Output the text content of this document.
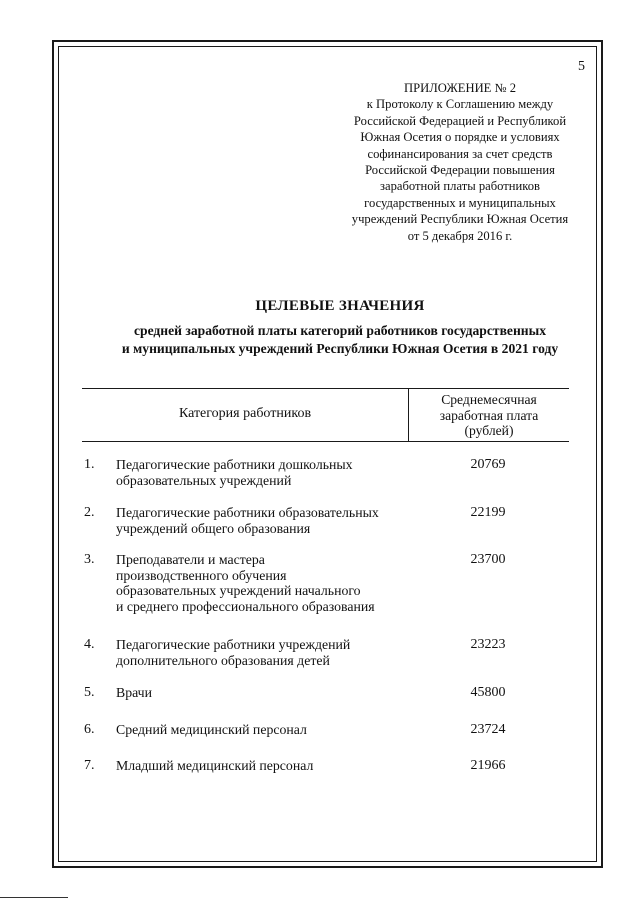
5
ПРИЛОЖЕНИЕ № 2
к Протоколу к Соглашению между
Российской Федерацией и Республикой
Южная Осетия о порядке и условиях
софинансирования за счет средств
Российской Федерации повышения
заработной платы работников
государственных и муниципальных
учреждений Республики Южная Осетия
от 5 декабря 2016 г.
ЦЕЛЕВЫЕ ЗНАЧЕНИЯ
средней заработной платы категорий работников государственных
и муниципальных учреждений Республики Южная Осетия в 2021 году
Категория работников
Среднемесячная
заработная плата
(рублей)
1. Педагогические работники дошкольных
образовательных учреждений
20769
2. Педагогические работники образовательных
учреждений общего образования
22199
3. Преподаватели и мастера
производственного обучения
образовательных учреждений начального
и среднего профессионального образования
23700
4. Педагогические работники учреждений
дополнительного образования детей
23223
5. Врачи	45800
6. Средний медицинский персонал	23724
7. Младший медицинский персонал	21966
